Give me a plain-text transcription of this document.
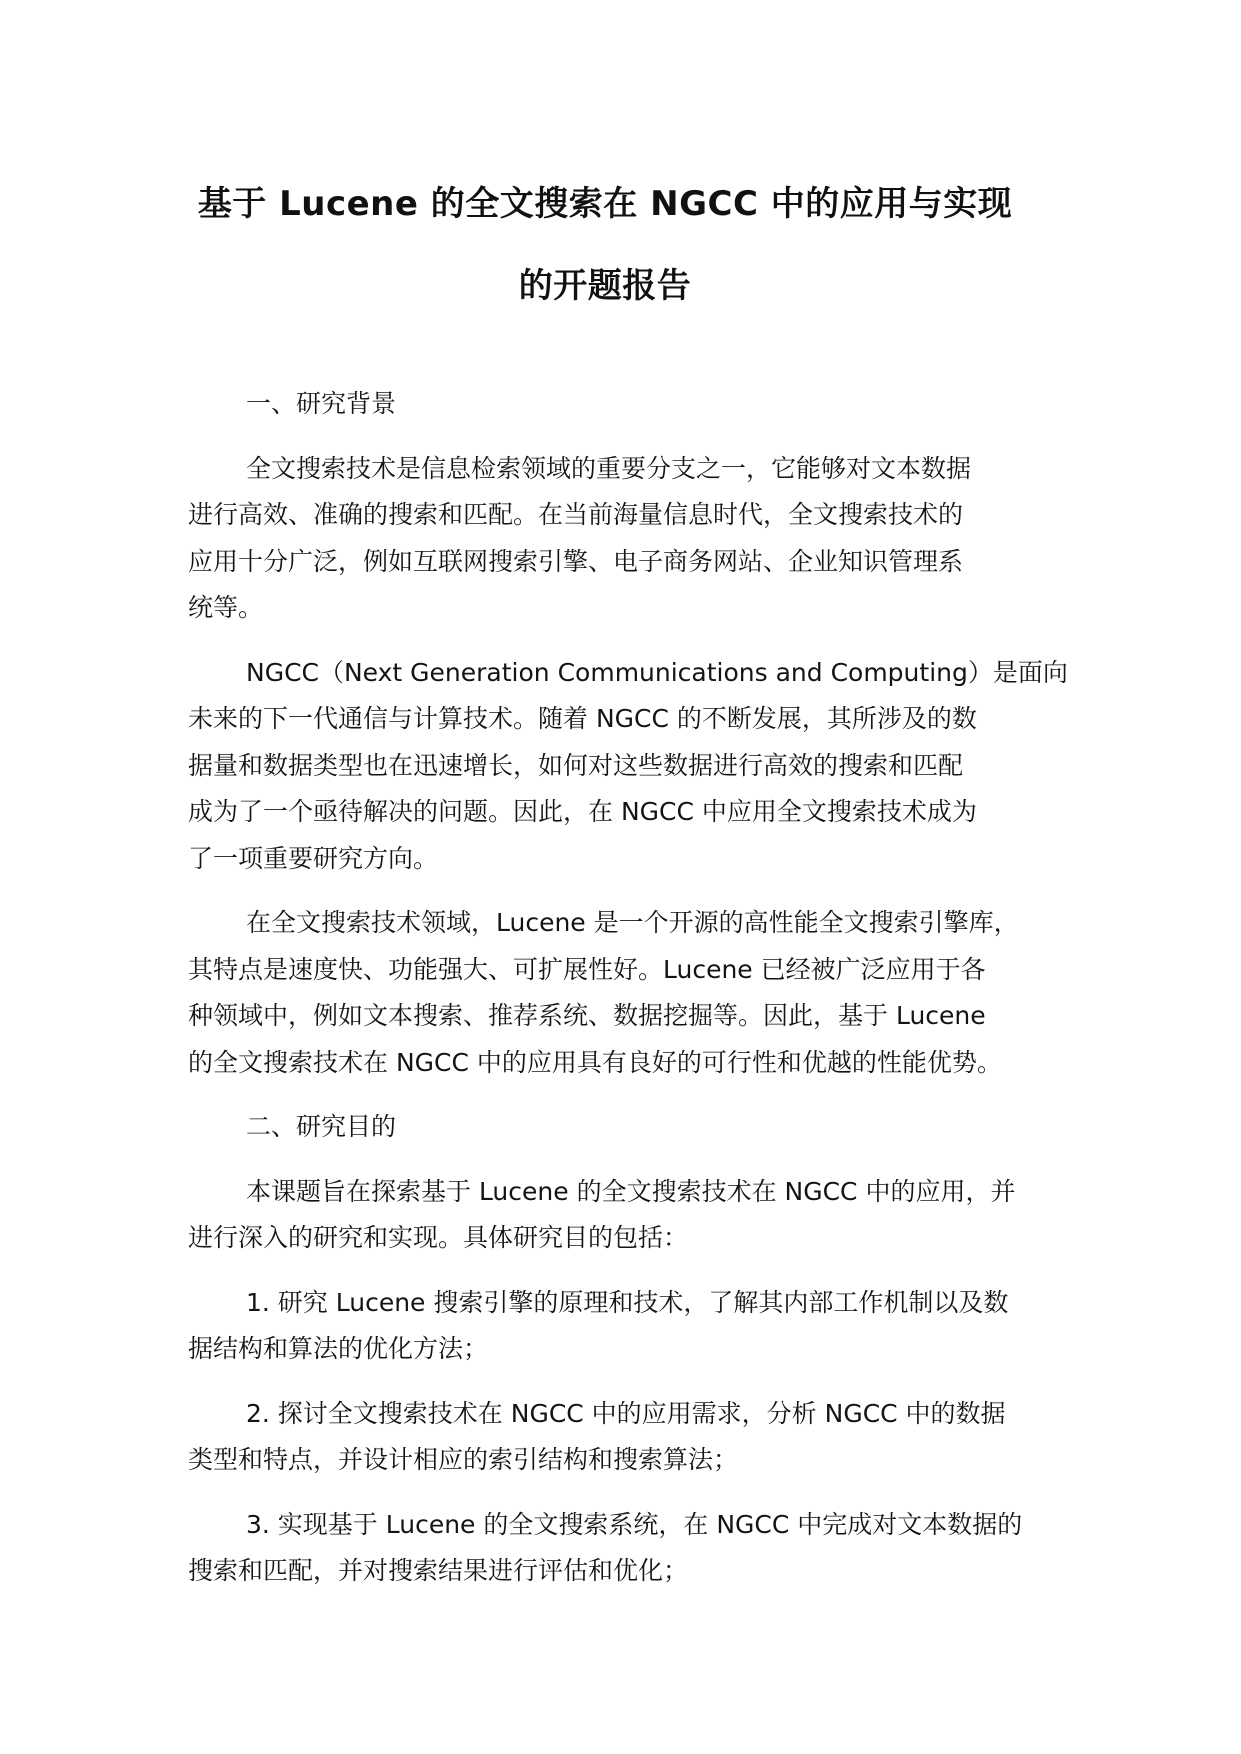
基于 Lucene 的全文搜索在 NGCC 中的应用与实现
的开题报告

一、研究背景

全文搜索技术是信息检索领域的重要分支之一，它能够对文本数据
进行高效、准确的搜索和匹配。在当前海量信息时代，全文搜索技术的
应用十分广泛，例如互联网搜索引擎、电子商务网站、企业知识管理系
统等。

NGCC（Next Generation Communications and Computing）是面向
未来的下一代通信与计算技术。随着 NGCC 的不断发展，其所涉及的数
据量和数据类型也在迅速增长，如何对这些数据进行高效的搜索和匹配
成为了一个亟待解决的问题。因此，在 NGCC 中应用全文搜索技术成为
了一项重要研究方向。

在全文搜索技术领域，Lucene 是一个开源的高性能全文搜索引擎库，
其特点是速度快、功能强大、可扩展性好。Lucene 已经被广泛应用于各
种领域中，例如文本搜索、推荐系统、数据挖掘等。因此，基于 Lucene
的全文搜索技术在 NGCC 中的应用具有良好的可行性和优越的性能优势。

二、研究目的

本课题旨在探索基于 Lucene 的全文搜索技术在 NGCC 中的应用，并
进行深入的研究和实现。具体研究目的包括：

1. 研究 Lucene 搜索引擎的原理和技术，了解其内部工作机制以及数
据结构和算法的优化方法；

2. 探讨全文搜索技术在 NGCC 中的应用需求，分析 NGCC 中的数据
类型和特点，并设计相应的索引结构和搜索算法；

3. 实现基于 Lucene 的全文搜索系统，在 NGCC 中完成对文本数据的
搜索和匹配，并对搜索结果进行评估和优化；
